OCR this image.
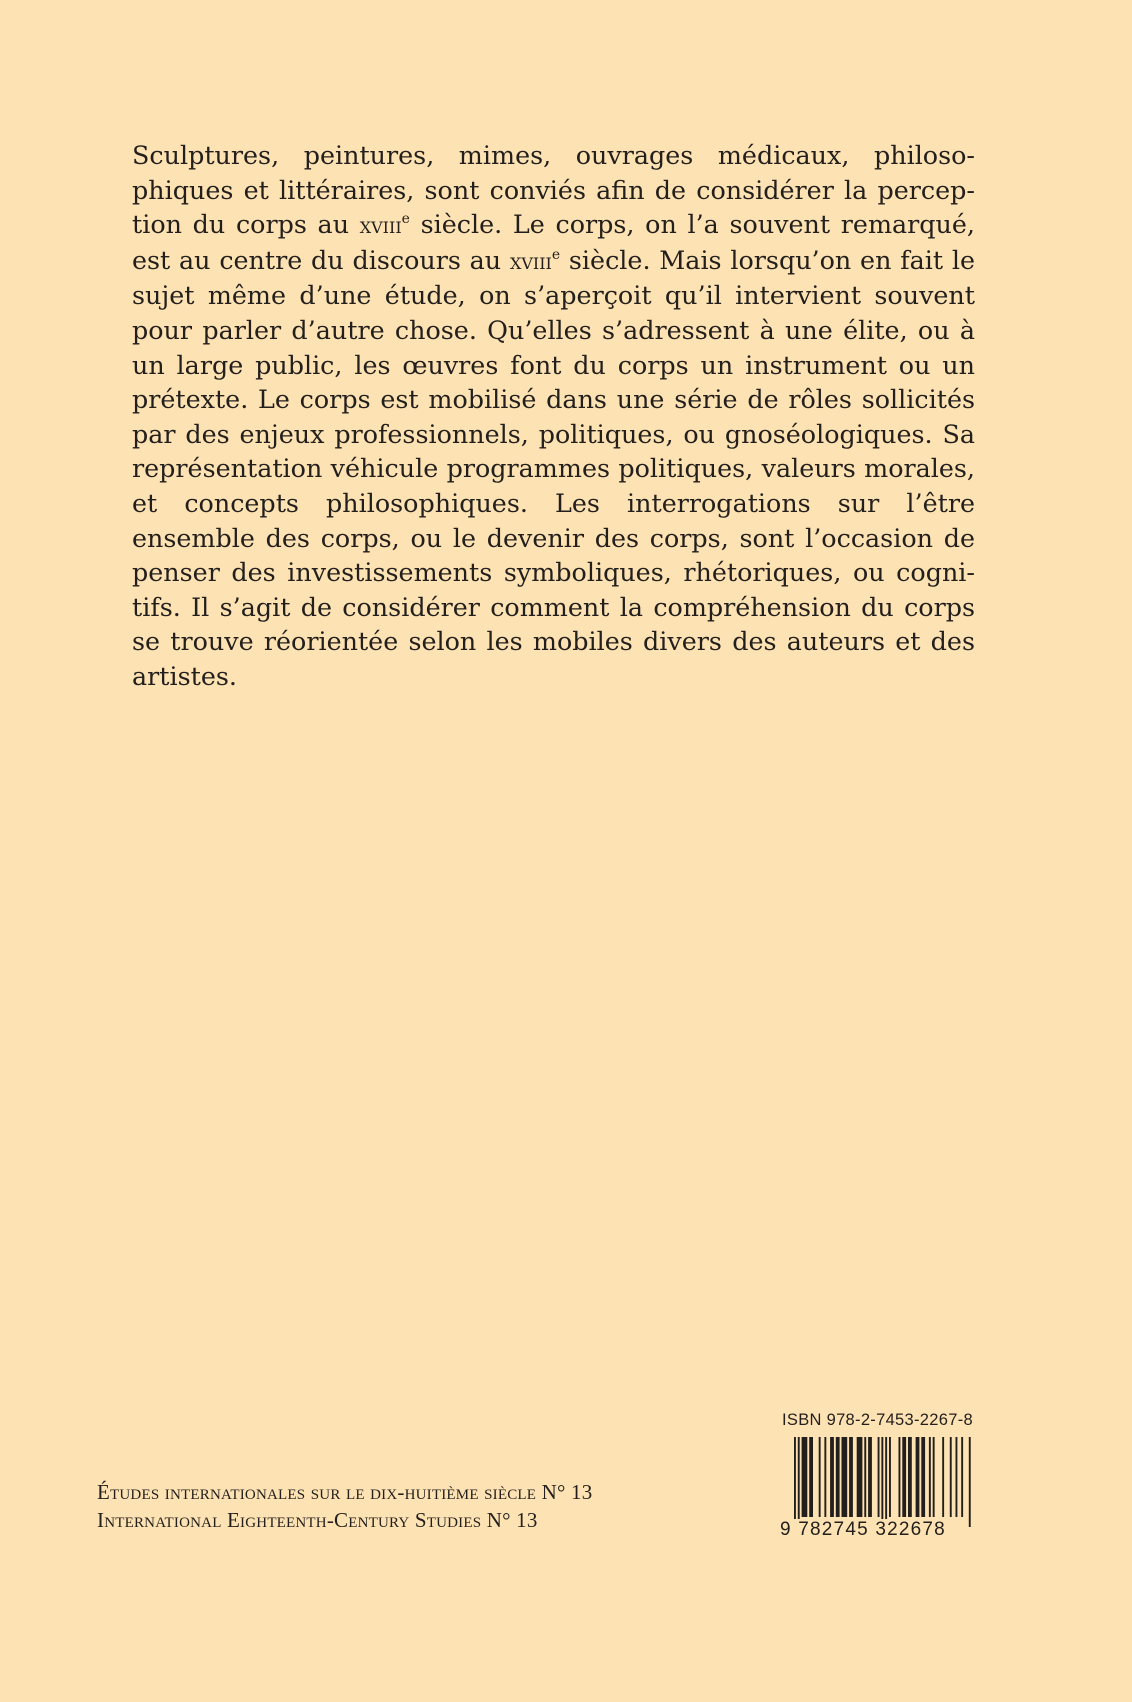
Sculptures, peintures, mimes, ouvrages médicaux, philoso-
phiques et littéraires, sont conviés afin de considérer la percep-
tion du corps au xviii$^e$ siècle. Le corps, on l’a souvent remarqué,
est au centre du discours au xviii$^e$ siècle. Mais lorsqu’on en fait le
sujet même d’une étude, on s’aperçoit qu’il intervient souvent
pour parler d’autre chose. Qu’elles s’adressent à une élite, ou à
un large public, les œuvres font du corps un instrument ou un
prétexte. Le corps est mobilisé dans une série de rôles sollicités
par des enjeux professionnels, politiques, ou gnoséologiques. Sa
représentation véhicule programmes politiques, valeurs morales,
et concepts philosophiques. Les interrogations sur l’être
ensemble des corps, ou le devenir des corps, sont l’occasion de
penser des investissements symboliques, rhétoriques, ou cogni-
tifs. Il s’agit de considérer comment la compréhension du corps
se trouve réorientée selon les mobiles divers des auteurs et des
artistes.
Études internationales sur le dix-huitième siècle N° 13
International Eighteenth-Century Studies N° 13
ISBN 978-2-7453-2267-8
9 782745 322678
